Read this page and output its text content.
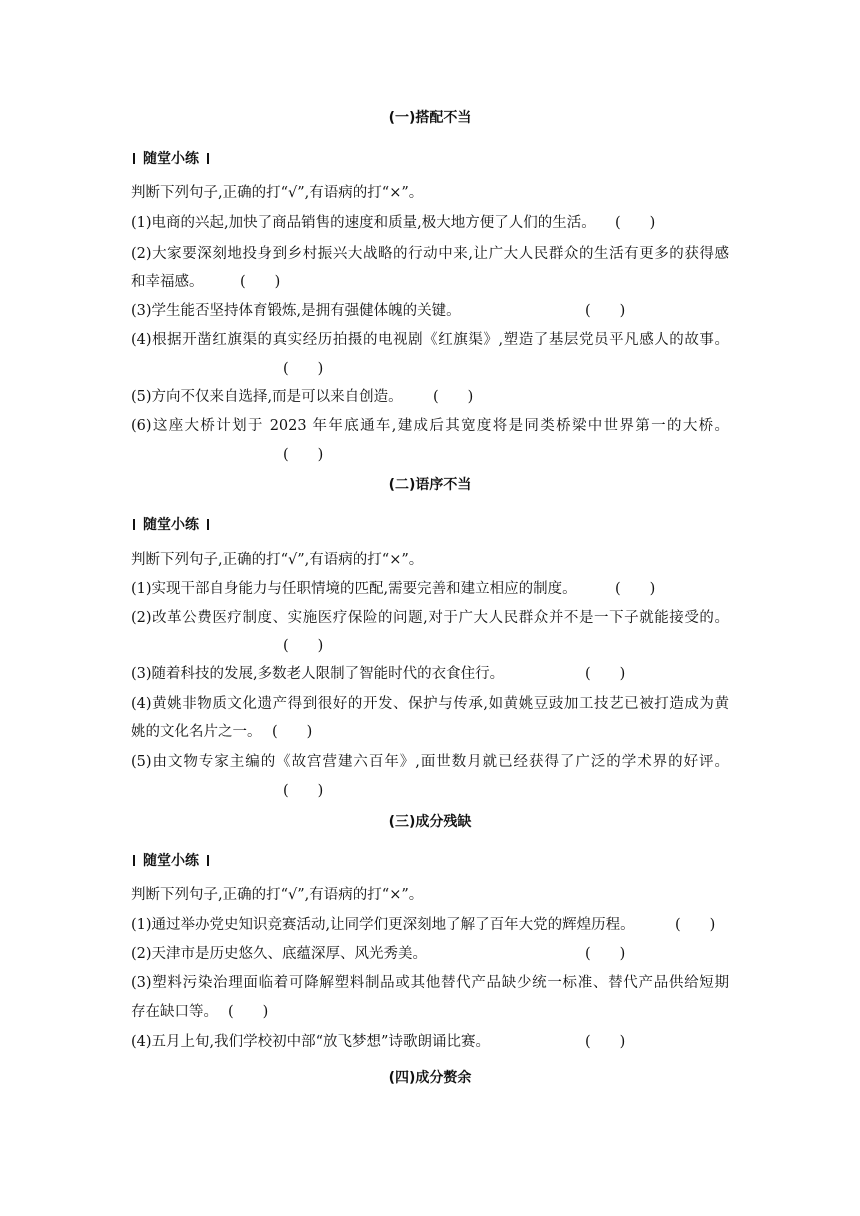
(一)搭配不当

随堂小练

判断下列句子,正确的打“√”,有语病的打“×”。

(1)电商的兴起,加快了商品销售的速度和质量,极大地方便了人们的生活。	(　　)

(2)大家要深刻地投身到乡村振兴大战略的行动中来,让广大人民群众的生活有更多的获得感

和幸福感。	(　　)

(3)学生能否坚持体育锻炼,是拥有强健体魄的关键。	(　　)

(4)根据开凿红旗渠的真实经历拍摄的电视剧《红旗渠》,塑造了基层党员平凡感人的故事。

(　　)

(5)方向不仅来自选择,而是可以来自创造。	(　　)

(6)这座大桥计划于 2023 年年底通车,建成后其宽度将是同类桥梁中世界第一的大桥。

(　　)

(二)语序不当

随堂小练

判断下列句子,正确的打“√”,有语病的打“×”。

(1)实现干部自身能力与任职情境的匹配,需要完善和建立相应的制度。	(　　)

(2)改革公费医疗制度、实施医疗保险的问题,对于广大人民群众并不是一下子就能接受的。

(　　)

(3)随着科技的发展,多数老人限制了智能时代的衣食住行。	(　　)

(4)黄姚非物质文化遗产得到很好的开发、保护与传承,如黄姚豆豉加工技艺已被打造成为黄

姚的文化名片之一。 (　　)

(5)由文物专家主编的《故宫营建六百年》,面世数月就已经获得了广泛的学术界的好评。

(　　)

(三)成分残缺

随堂小练

判断下列句子,正确的打“√”,有语病的打“×”。

(1)通过举办党史知识竞赛活动,让同学们更深刻地了解了百年大党的辉煌历程。	(　　)

(2)天津市是历史悠久、底蕴深厚、风光秀美。	(　　)

(3)塑料污染治理面临着可降解塑料制品或其他替代产品缺少统一标准、替代产品供给短期

存在缺口等。 (　　)

(4)五月上旬,我们学校初中部“放飞梦想”诗歌朗诵比赛。	(　　)

(四)成分赘余
